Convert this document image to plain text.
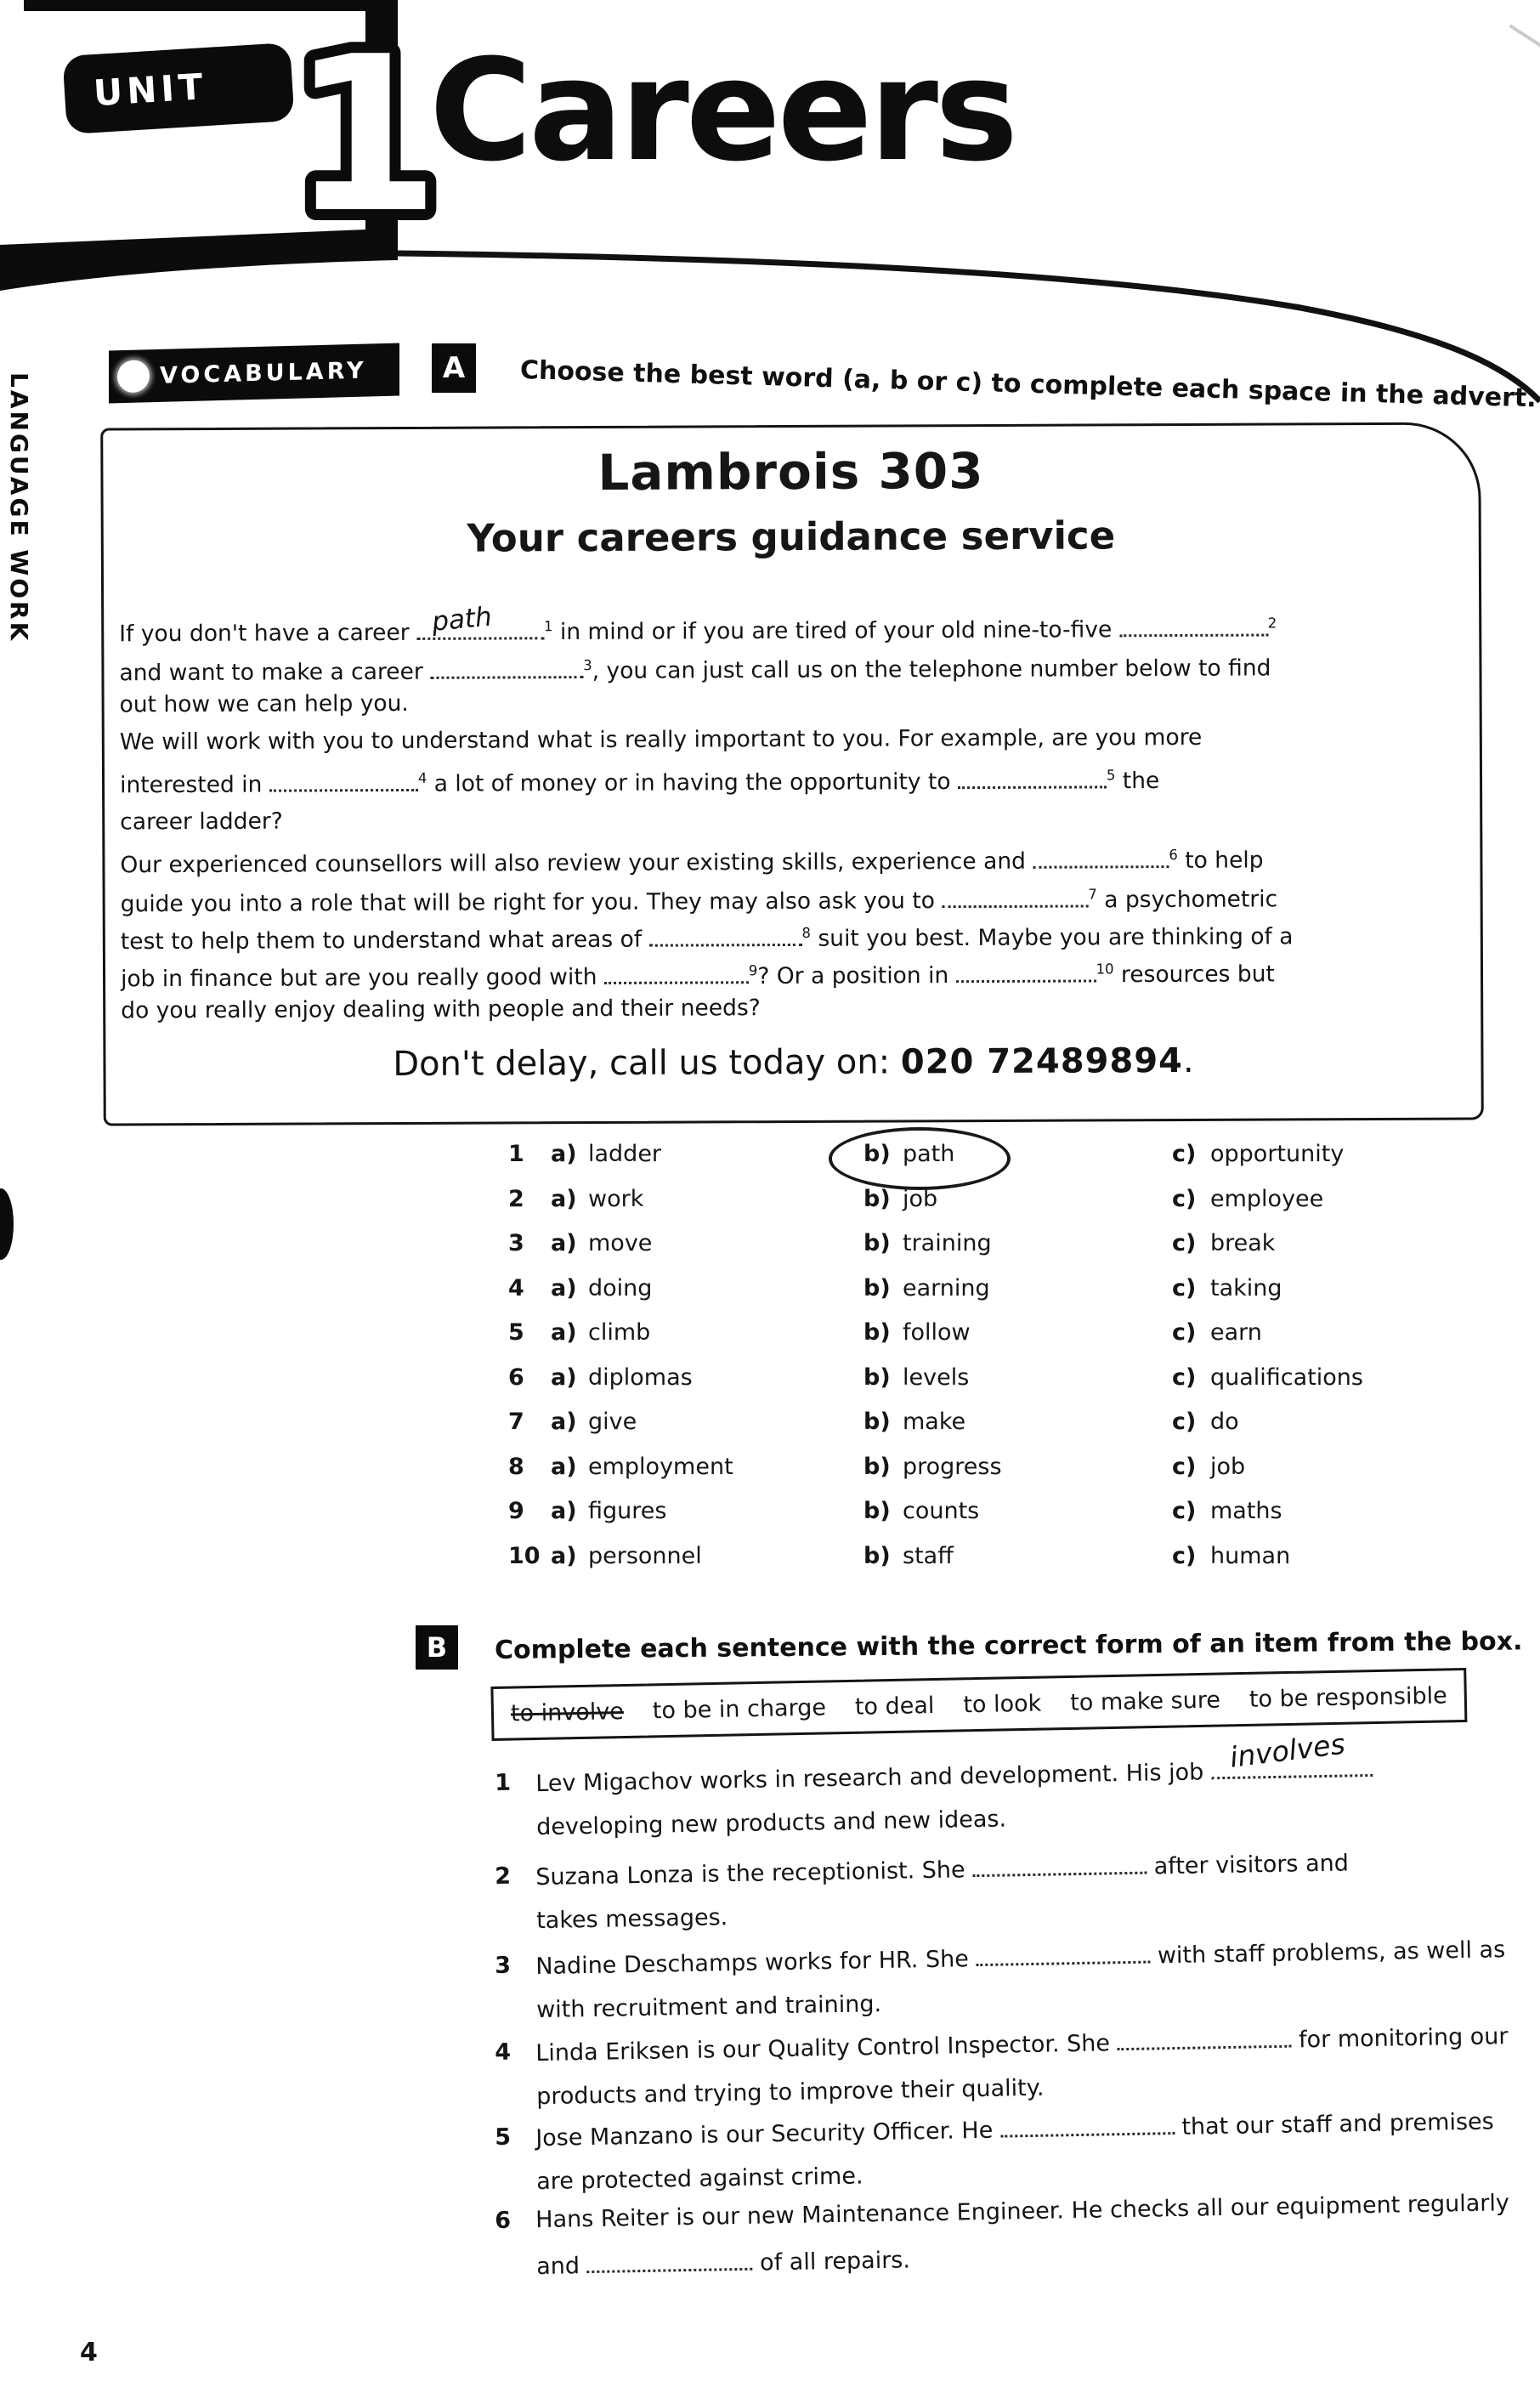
UNIT 1
Careers
LANGUAGE WORK	VOCABULARY	A	Choose the best word (a, b or c) to complete each space in the advert.
Lambrois 303
Your careers guidance service
If you don't have a career path	$^1$ in mind or if you are tired of your old nine-to-five	$^2$
and want to make a career	$^3$, you can just call us on the telephone number below to find
out how we can help you.
We will work with you to understand what is really important to you. For example, are you more
interested in	$^4$ a lot of money or in having the opportunity to	$^5$ the
career ladder?
Our experienced counsellors will also review your existing skills, experience and	$^6$ to help
guide you into a role that will be right for you. They may also ask you to	$^7$ a psychometric
test to help them to understand what areas of	$^8$ suit you best. Maybe you are thinking of a
job in finance but are you really good with	$^9$? Or a position in	$^{10}$ resources but
do you really enjoy dealing with people and their needs?
Don't delay, call us today on: 020 72489894.
1 a) ladder	b) path	c) opportunity
2 a) work	b) job	c) employee
3 a) move	b) training	c) break
4 a) doing	b) earning	c) taking
5 a) climb	b) follow	c) earn
6 a) diplomas	b) levels	c) qualifications
7 a) give	b) make	c) do
8 a) employment	b) progress	c) job
9 a) figures	b) counts	c) maths
10 a) personnel	b) staff	c) human
B	Complete each sentence with the correct form of an item from the box.
to involve to be in charge to deal to look to make sure to be responsible
1 Lev Migachov works in research and development. His job
involves
developing new products and new ideas.
2 Suzana Lonza is the receptionist. She	after visitors and
takes messages.
3 Nadine Deschamps works for HR. She	with staff problems, as well as
with recruitment and training.
4 Linda Eriksen is our Quality Control Inspector. She	for monitoring our
products and trying to improve their quality.
5 Jose Manzano is our Security Officer. He	that our staff and premises
are protected against crime.
6 Hans Reiter is our new Maintenance Engineer. He checks all our equipment regularly
and	of all repairs.
4
